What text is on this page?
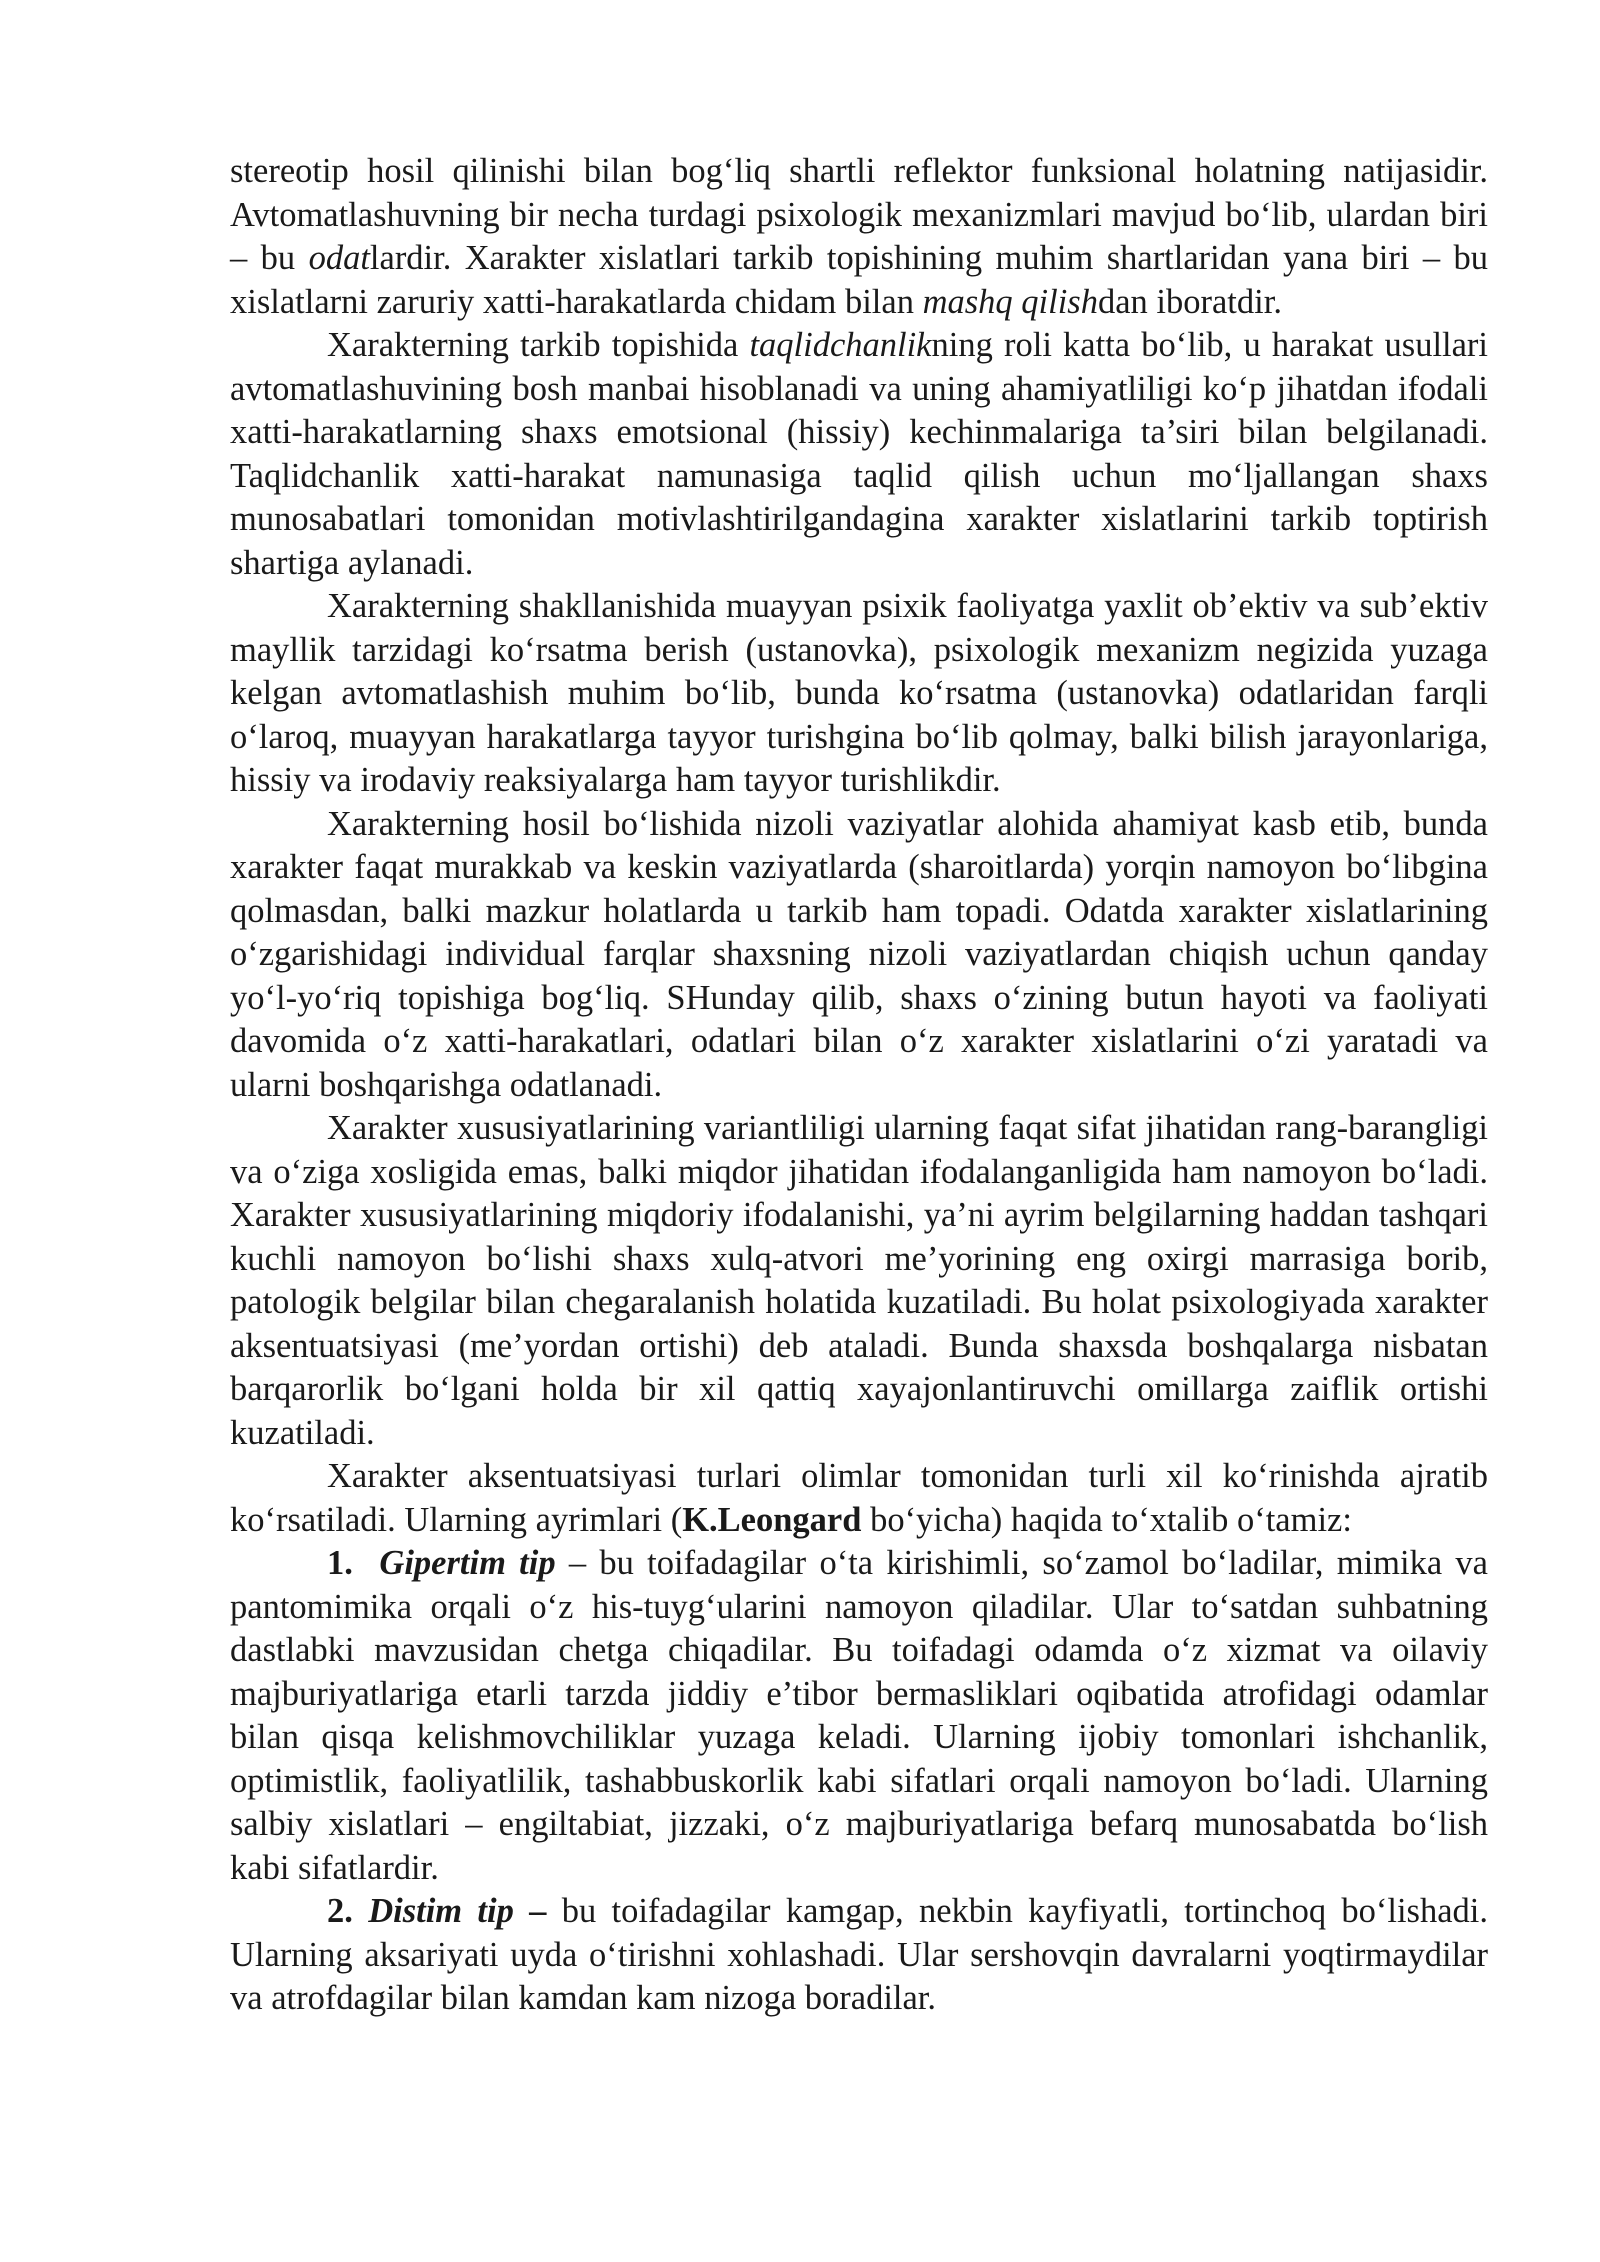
stereotip hosil qilinishi bilan bog‘liq shartli reflektor funksional holatning natijasidir. Avtomatlashuvning bir necha turdagi psixologik mexanizmlari mavjud bo‘lib, ulardan biri – bu odatlardir. Xarakter xislatlari tarkib topishining muhim shartlaridan yana biri – bu xislatlarni zaruriy xatti-harakatlarda chidam bilan mashq qilishdan iboratdir.

Xarakterning tarkib topishida taqlidchanlikning roli katta bo‘lib, u harakat usullari avtomatlashuvining bosh manbai hisoblanadi va uning ahamiyatliligi ko‘p jihatdan ifodali xatti-harakatlarning shaxs emotsional (hissiy) kechinmalariga ta’siri bilan belgilanadi. Taqlidchanlik xatti-harakat namunasiga taqlid qilish uchun mo‘ljallangan shaxs munosabatlari tomonidan motivlashtirilgandagina xarakter xislatlarini tarkib toptirish shartiga aylanadi.

Xarakterning shakllanishida muayyan psixik faoliyatga yaxlit ob’ektiv va sub’ektiv mayllik tarzidagi ko‘rsatma berish (ustanovka), psixologik mexanizm negizida yuzaga kelgan avtomatlashish muhim bo‘lib, bunda ko‘rsatma (ustanovka) odatlaridan farqli o‘laroq, muayyan harakatlarga tayyor turishgina bo‘lib qolmay, balki bilish jarayonlariga, hissiy va irodaviy reaksiyalarga ham tayyor turishlikdir.

Xarakterning hosil bo‘lishida nizoli vaziyatlar alohida ahamiyat kasb etib, bunda xarakter faqat murakkab va keskin vaziyatlarda (sharoitlarda) yorqin namoyon bo‘libgina qolmasdan, balki mazkur holatlarda u tarkib ham topadi. Odatda xarakter xislatlarining o‘zgarishidagi individual farqlar shaxsning nizoli vaziyatlardan chiqish uchun qanday yo‘l-yo‘riq topishiga bog‘liq. SHunday qilib, shaxs o‘zining butun hayoti va faoliyati davomida o‘z xatti-harakatlari, odatlari bilan o‘z xarakter xislatlarini o‘zi yaratadi va ularni boshqarishga odatlanadi.

Xarakter xususiyatlarining variantliligi ularning faqat sifat jihatidan rang-barangligi va o‘ziga xosligida emas, balki miqdor jihatidan ifodalanganligida ham namoyon bo‘ladi. Xarakter xususiyatlarining miqdoriy ifodalanishi, ya’ni ayrim belgilarning haddan tashqari kuchli namoyon bo‘lishi shaxs xulq-atvori me’yorining eng oxirgi marrasiga borib, patologik belgilar bilan chegaralanish holatida kuzatiladi. Bu holat psixologiyada xarakter aksentuatsiyasi (me’yordan ortishi) deb ataladi. Bunda shaxsda boshqalarga nisbatan barqarorlik bo‘lgani holda bir xil qattiq xayajonlantiruvchi omillarga zaiflik ortishi kuzatiladi.

Xarakter aksentuatsiyasi turlari olimlar tomonidan turli xil ko‘rinishda ajratib ko‘rsatiladi. Ularning ayrimlari (K.Leongard bo‘yicha) haqida to‘xtalib o‘tamiz:

1.  Gipertim tip – bu toifadagilar o‘ta kirishimli, so‘zamol bo‘ladilar, mimika va pantomimika orqali o‘z his-tuyg‘ularini namoyon qiladilar. Ular to‘satdan suhbatning dastlabki mavzusidan chetga chiqadilar. Bu toifadagi odamda o‘z xizmat va oilaviy majburiyatlariga etarli tarzda jiddiy e’tibor bermasliklari oqibatida atrofidagi odamlar bilan qisqa kelishmovchiliklar yuzaga keladi. Ularning ijobiy tomonlari ishchanlik, optimistlik, faoliyatlilik, tashabbuskorlik kabi sifatlari orqali namoyon bo‘ladi. Ularning salbiy xislatlari – engiltabiat, jizzaki, o‘z majburiyatlariga befarq munosabatda bo‘lish kabi sifatlardir.

2. Distim tip – bu toifadagilar kamgap, nekbin kayfiyatli, tortinchoq bo‘lishadi. Ularning aksariyati uyda o‘tirishni xohlashadi. Ular sershovqin davralarni yoqtirmaydilar va atrofdagilar bilan kamdan kam nizoga boradilar.
